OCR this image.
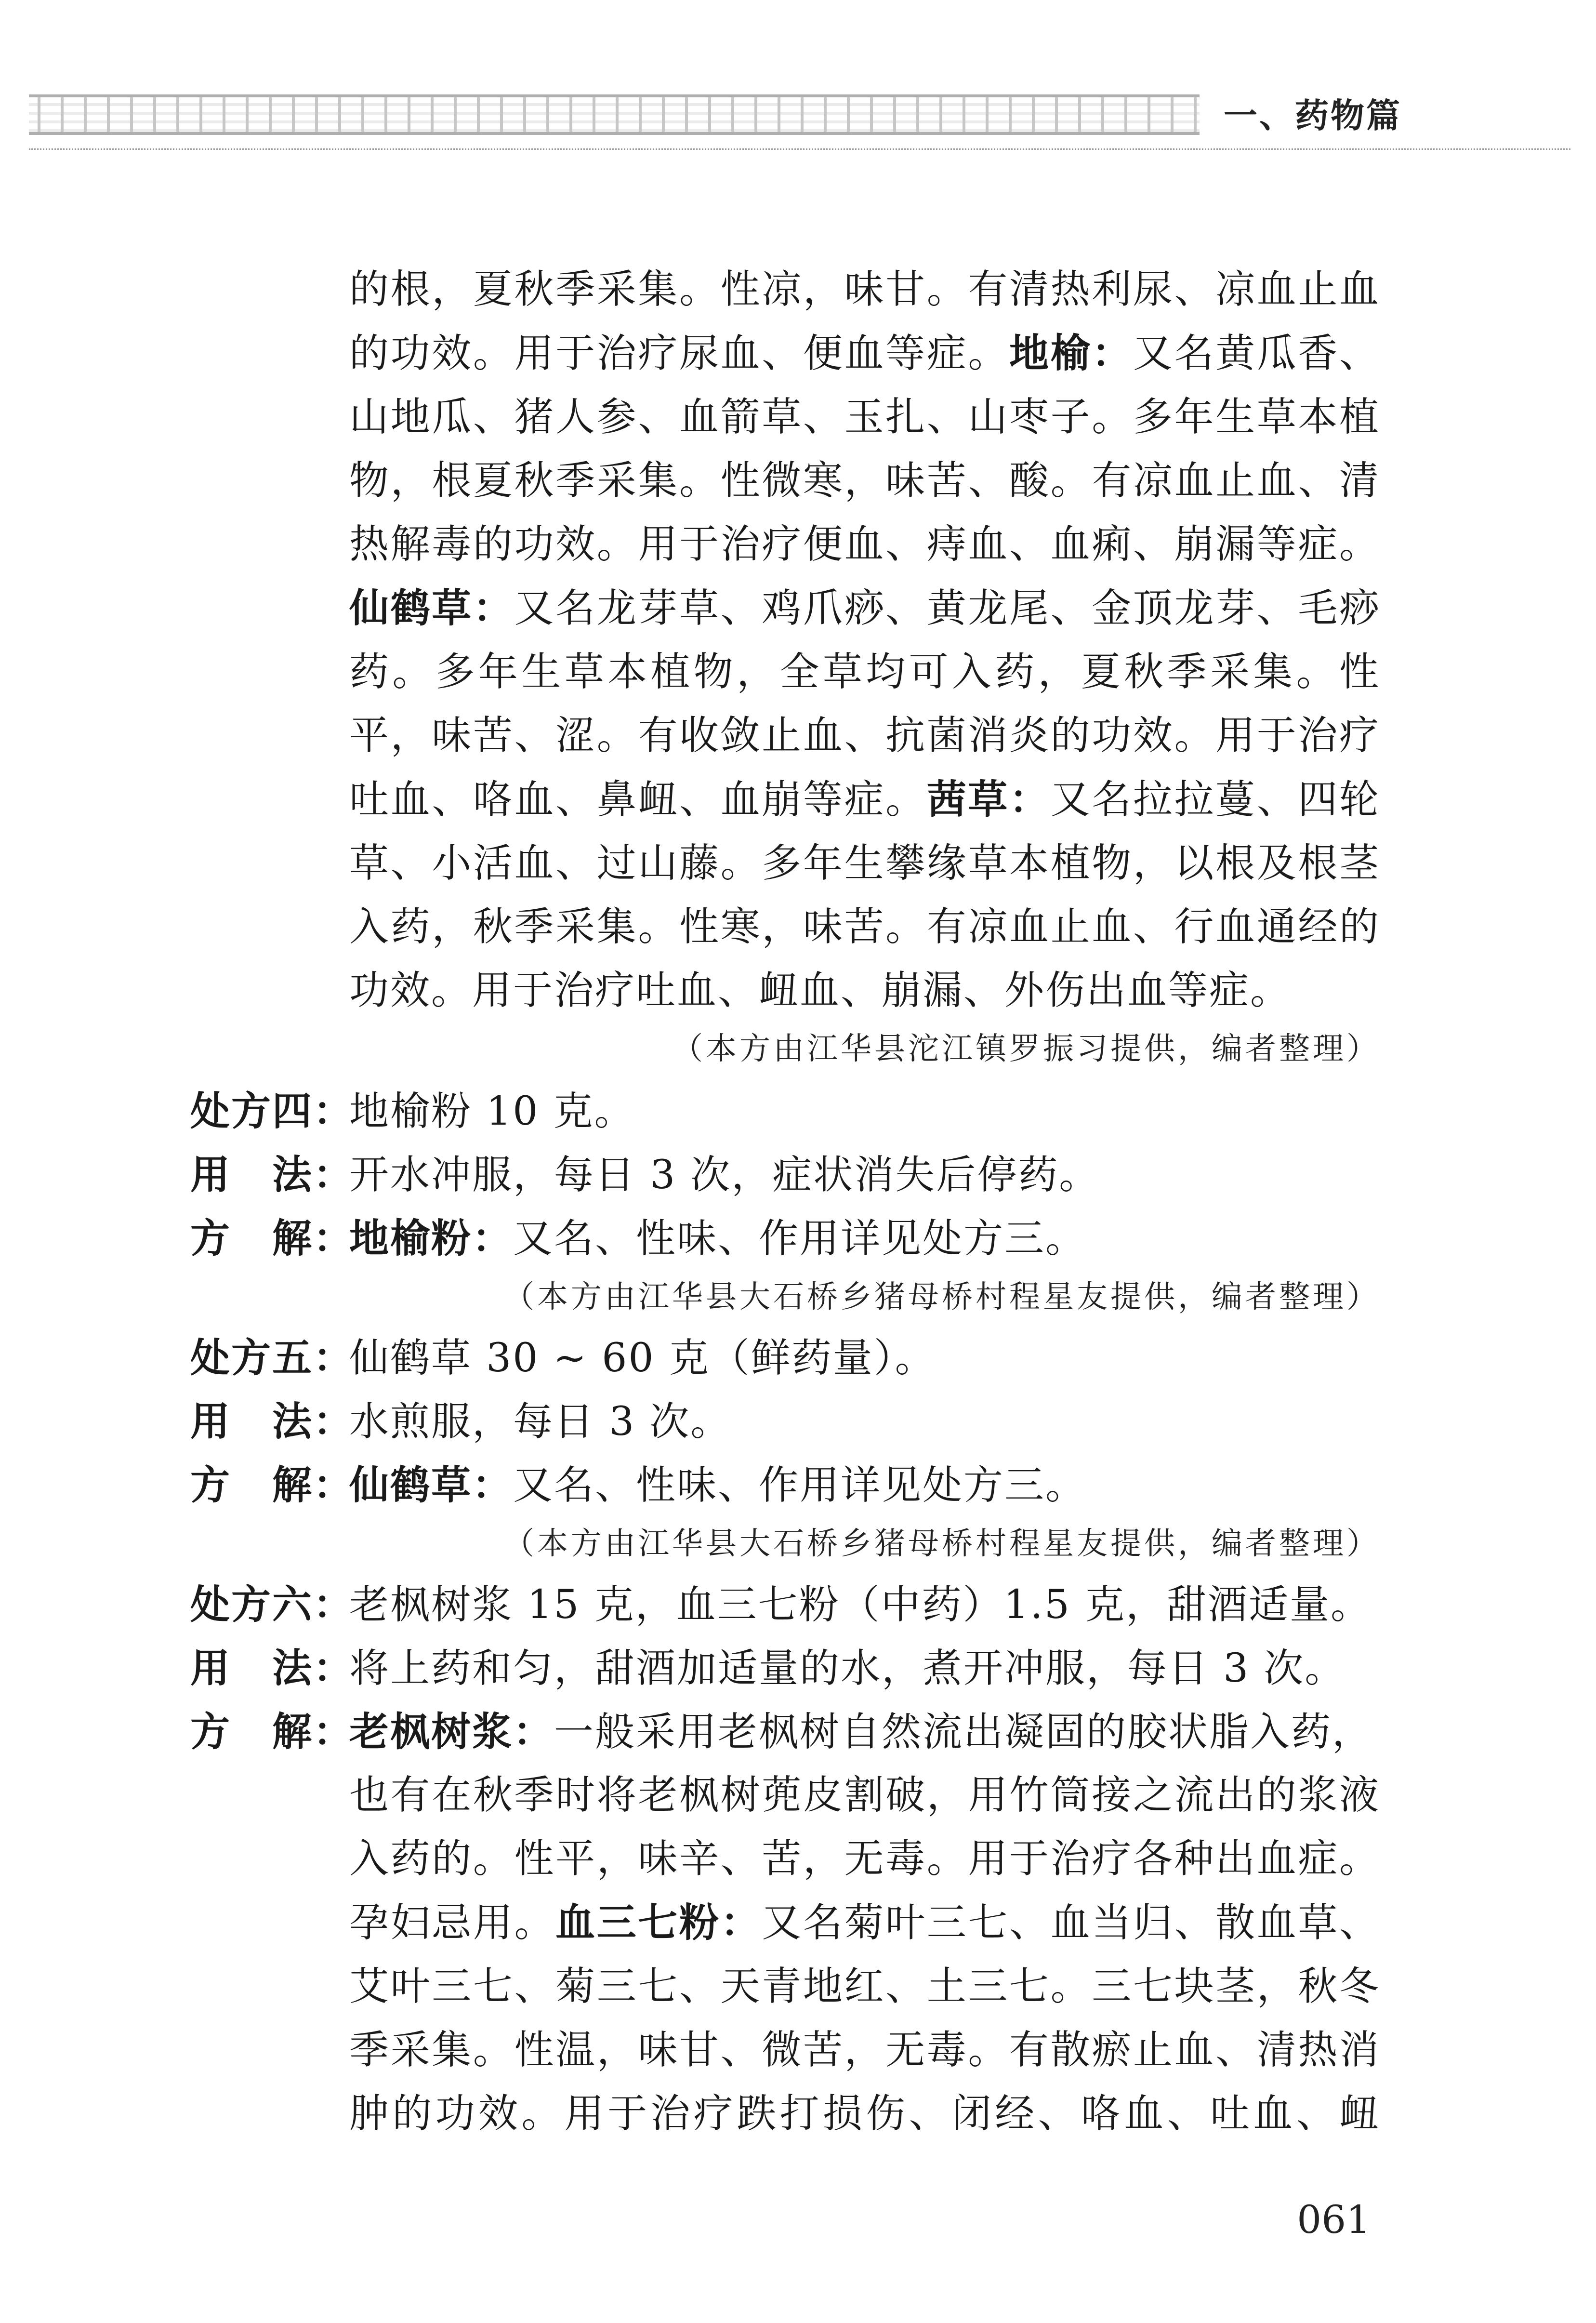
一、药物篇
的根，夏秋季采集。性凉，味甘。有清热利尿、凉血止血
的功效。用于治疗尿血、便血等症。地榆：又名黄瓜香、
山地瓜、猪人参、血箭草、玉扎、山枣子。多年生草本植
物，根夏秋季采集。性微寒，味苦、酸。有凉血止血、清
热解毒的功效。用于治疗便血、痔血、血痢、崩漏等症。
仙鹤草：又名龙芽草、鸡爪痧、黄龙尾、金顶龙芽、毛痧
药。多年生草本植物，全草均可入药，夏秋季采集。性
平，味苦、涩。有收敛止血、抗菌消炎的功效。用于治疗
吐血、咯血、鼻衄、血崩等症。茜草：又名拉拉蔓、四轮
草、小活血、过山藤。多年生攀缘草本植物，以根及根茎
入药，秋季采集。性寒，味苦。有凉血止血、行血通经的
功效。用于治疗吐血、衄血、崩漏、外伤出血等症。
（本方由江华县沱江镇罗振习提供，编者整理）
处方四：地榆粉 10 克。
用　法：开水冲服，每日 3 次，症状消失后停药。
方　解：地榆粉：又名、性味、作用详见处方三。
（本方由江华县大石桥乡猪母桥村程星友提供，编者整理）
处方五：仙鹤草 30 ~ 60 克（鲜药量）。
用　法：水煎服，每日 3 次。
方　解：仙鹤草：又名、性味、作用详见处方三。
（本方由江华县大石桥乡猪母桥村程星友提供，编者整理）
处方六：老枫树浆 15 克，血三七粉（中药）1.5 克，甜酒适量。
用　法：将上药和匀，甜酒加适量的水，煮开冲服，每日 3 次。
方　解：老枫树浆：一般采用老枫树自然流出凝固的胶状脂入药，
也有在秋季时将老枫树蔸皮割破，用竹筒接之流出的浆液
入药的。性平，味辛、苦，无毒。用于治疗各种出血症。
孕妇忌用。血三七粉：又名菊叶三七、血当归、散血草、
艾叶三七、菊三七、天青地红、土三七。三七块茎，秋冬
季采集。性温，味甘、微苦，无毒。有散瘀止血、清热消
肿的功效。用于治疗跌打损伤、闭经、咯血、吐血、衄
061
